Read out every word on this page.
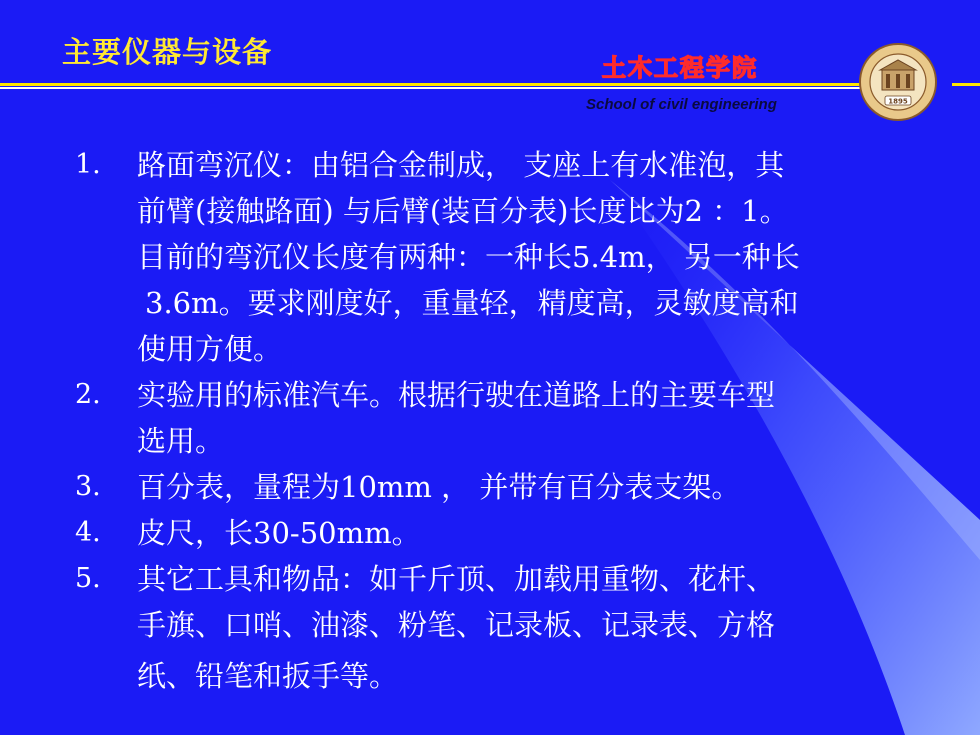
主要仪器与设备	土木工程学院
School of civil engineering	1895
1. 路面弯沉仪：由铝合金制成， 支座上有水准泡，其
前臂(接触路面) 与后臂(装百分表)长度比为2 ：1。
目前的弯沉仪长度有两种：一种长5.4m， 另一种长
3.6m。要求刚度好，重量轻，精度高，灵敏度高和
使用方便。
2. 实验用的标准汽车。根据行驶在道路上的主要车型
选用。
3. 百分表，量程为10mm ， 并带有百分表支架。
4. 皮尺，长30-50mm。
5. 其它工具和物品：如千斤顶、加载用重物、花杆、
手旗、口哨、油漆、粉笔、记录板、记录表、方格
纸、铅笔和扳手等。
